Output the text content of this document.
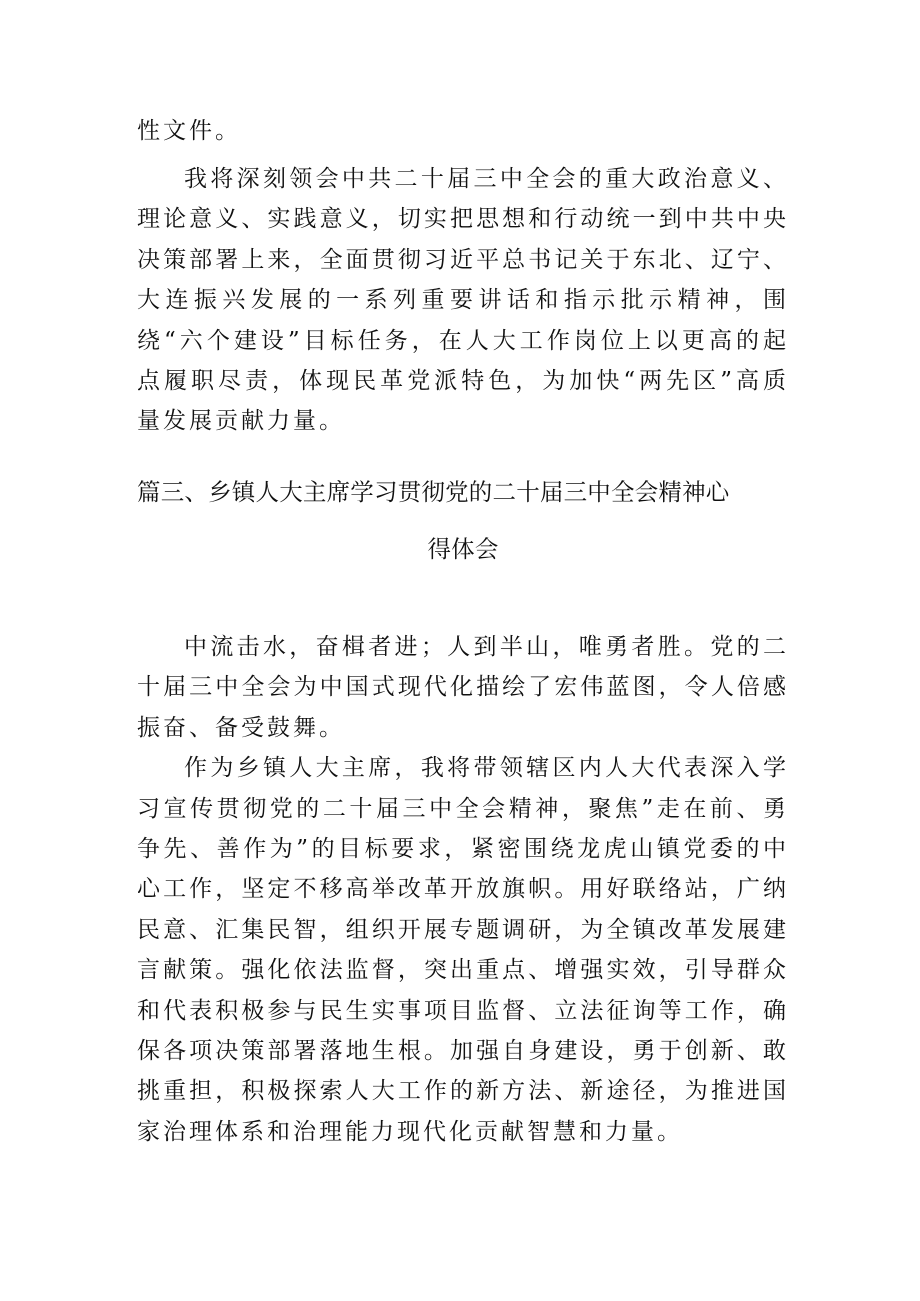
性文件。

我将深刻领会中共二十届三中全会的重大政治意义、理论意义、实践意义，切实把思想和行动统一到中共中央决策部署上来，全面贯彻习近平总书记关于东北、辽宁、大连振兴发展的一系列重要讲话和指示批示精神，围绕“六个建设”目标任务，在人大工作岗位上以更高的起点履职尽责，体现民革党派特色，为加快“两先区”高质量发展贡献力量。

篇三、乡镇人大主席学习贯彻党的二十届三中全会精神心
得体会

中流击水，奋楫者进；人到半山，唯勇者胜。党的二十届三中全会为中国式现代化描绘了宏伟蓝图，令人倍感振奋、备受鼓舞。

作为乡镇人大主席，我将带领辖区内人大代表深入学习宣传贯彻党的二十届三中全会精神，聚焦”走在前、勇争先、善作为”的目标要求，紧密围绕龙虎山镇党委的中心工作，坚定不移高举改革开放旗帜。用好联络站，广纳民意、汇集民智，组织开展专题调研，为全镇改革发展建言献策。强化依法监督，突出重点、增强实效，引导群众和代表积极参与民生实事项目监督、立法征询等工作，确保各项决策部署落地生根。加强自身建设，勇于创新、敢挑重担，积极探索人大工作的新方法、新途径，为推进国家治理体系和治理能力现代化贡献智慧和力量。
